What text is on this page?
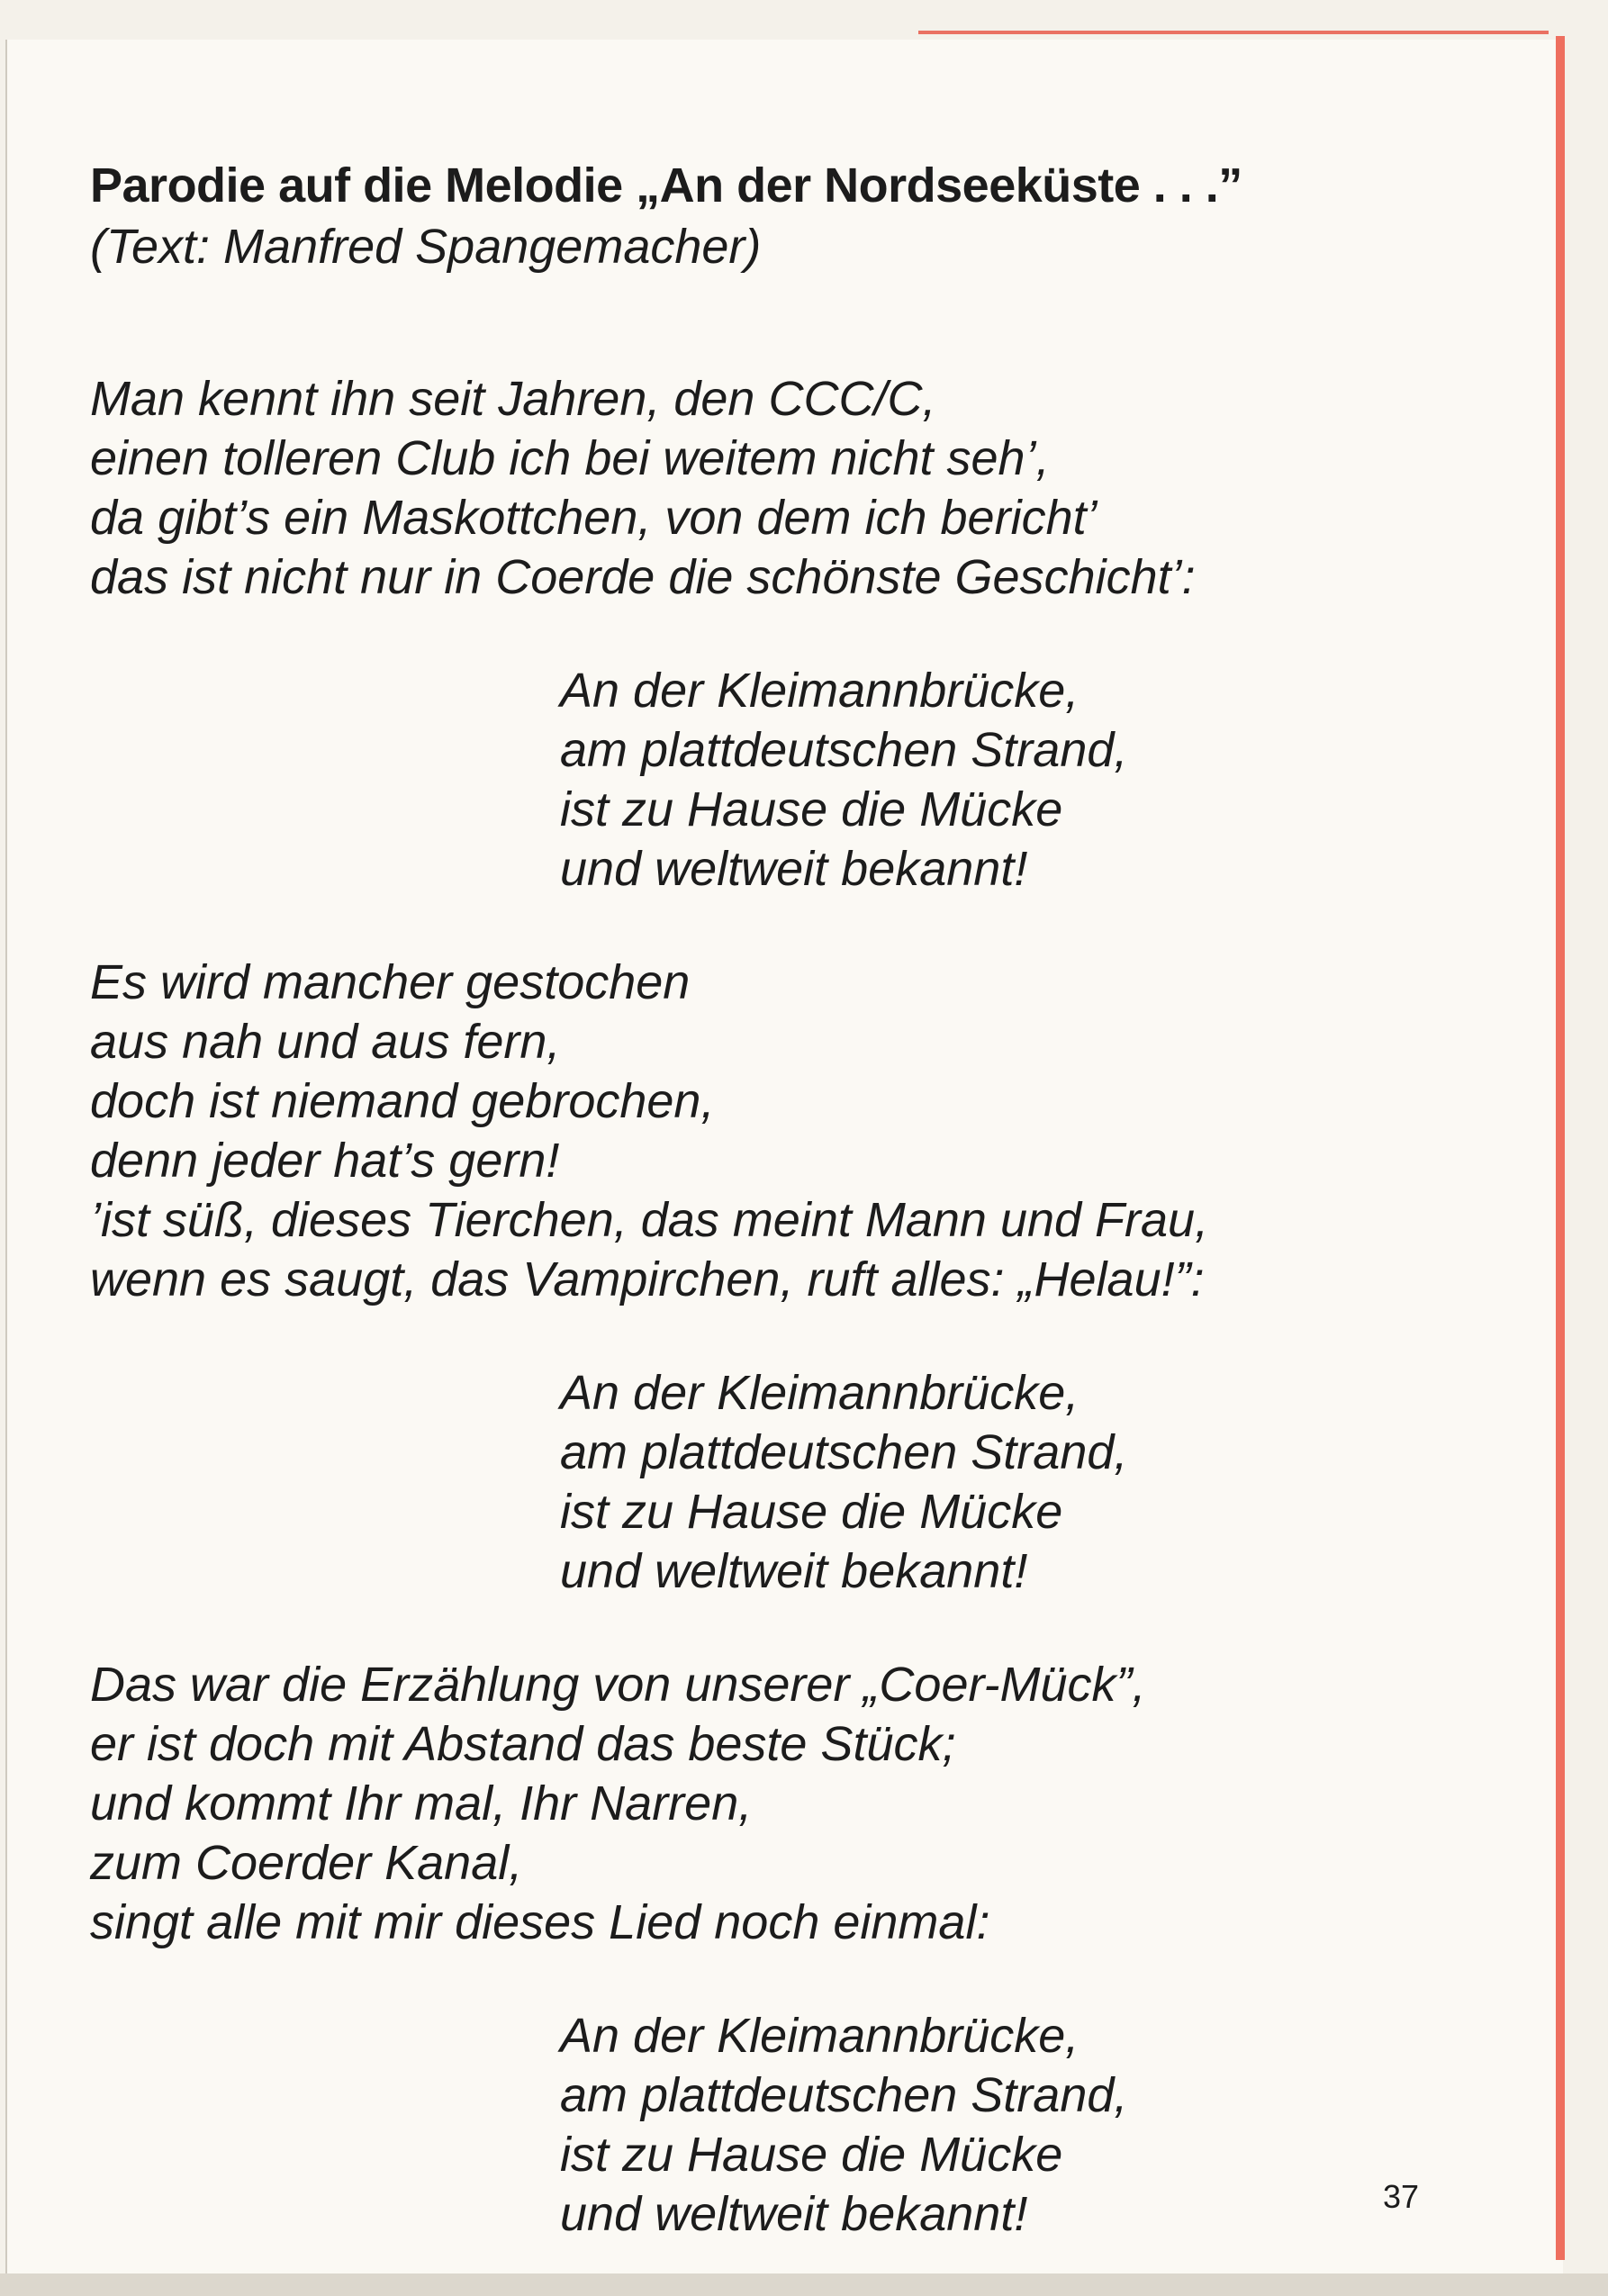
Parodie auf die Melodie „An der Nordseeküste . . .”
(Text: Manfred Spangemacher)

Man kennt ihn seit Jahren, den CCC/C,

einen tolleren Club ich bei weitem nicht seh’,

da gibt’s ein Maskottchen, von dem ich bericht’

das ist nicht nur in Coerde die schönste Geschicht’:

An der Kleimannbrücke,

am plattdeutschen Strand,

ist zu Hause die Mücke

und weltweit bekannt!

Es wird mancher gestochen

aus nah und aus fern,

doch ist niemand gebrochen,

denn jeder hat’s gern!

’ist süß, dieses Tierchen, das meint Mann und Frau,

wenn es saugt, das Vampirchen, ruft alles: „Helau!”:

An der Kleimannbrücke,

am plattdeutschen Strand,

ist zu Hause die Mücke

und weltweit bekannt!

Das war die Erzählung von unserer „Coer-Mück”,

er ist doch mit Abstand das beste Stück;

und kommt Ihr mal, Ihr Narren,

zum Coerder Kanal,

singt alle mit mir dieses Lied noch einmal:

An der Kleimannbrücke,

am plattdeutschen Strand,

ist zu Hause die Mücke

und weltweit bekannt!	37
